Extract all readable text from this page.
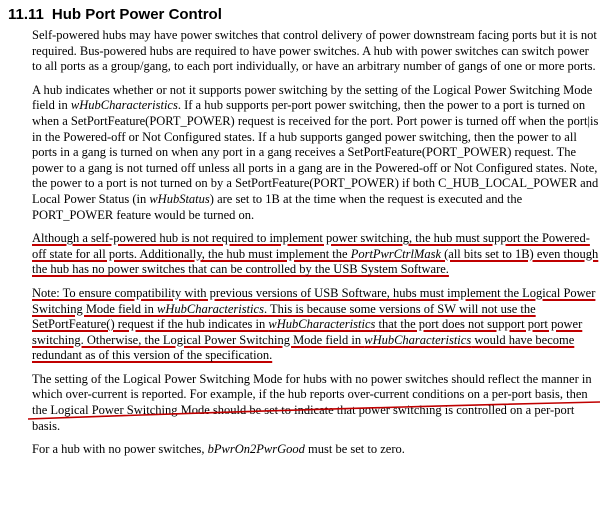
11.11 Hub Port Power Control

Self-powered hubs may have power switches that control delivery of power downstream facing ports but it is not required. Bus-powered hubs are required to have power switches. A hub with power switches can switch power to all ports as a group/gang, to each port individually, or have an arbitrary number of gangs of one or more ports.

A hub indicates whether or not it supports power switching by the setting of the Logical Power Switching Mode field in wHubCharacteristics. If a hub supports per-port power switching, then the power to a port is turned on when a SetPortFeature(PORT_POWER) request is received for the port. Port power is turned off when the port|is in the Powered-off or Not Configured states. If a hub supports ganged power switching, then the power to all ports in a gang is turned on when any port in a gang receives a SetPortFeature(PORT_POWER) request. The power to a gang is not turned off unless all ports in a gang are in the Powered-off or Not Configured states. Note, the power to a port is not turned on by a SetPortFeature(PORT_POWER) if both C_HUB_LOCAL_POWER and Local Power Status (in wHubStatus) are set to 1B at the time when the request is executed and the PORT_POWER feature would be turned on.

Although a self-powered hub is not required to implement power switching, the hub must support the Powered-off state for all ports. Additionally, the hub must implement the PortPwrCtrlMask (all bits set to 1B) even though the hub has no power switches that can be controlled by the USB System Software.

Note: To ensure compatibility with previous versions of USB Software, hubs must implement the Logical Power Switching Mode field in wHubCharacteristics. This is because some versions of SW will not use the SetPortFeature() request if the hub indicates in wHubCharacteristics that the port does not support port power switching. Otherwise, the Logical Power Switching Mode field in wHubCharacteristics would have become redundant as of this version of the specification.

The setting of the Logical Power Switching Mode for hubs with no power switches should reflect the manner in which over-current is reported. For example, if the hub reports over-current conditions on a per-port basis, then the Logical Power Switching Mode should be set to indicate that power switching is controlled on a per-port basis.

For a hub with no power switches, bPwrOn2PwrGood must be set to zero.
